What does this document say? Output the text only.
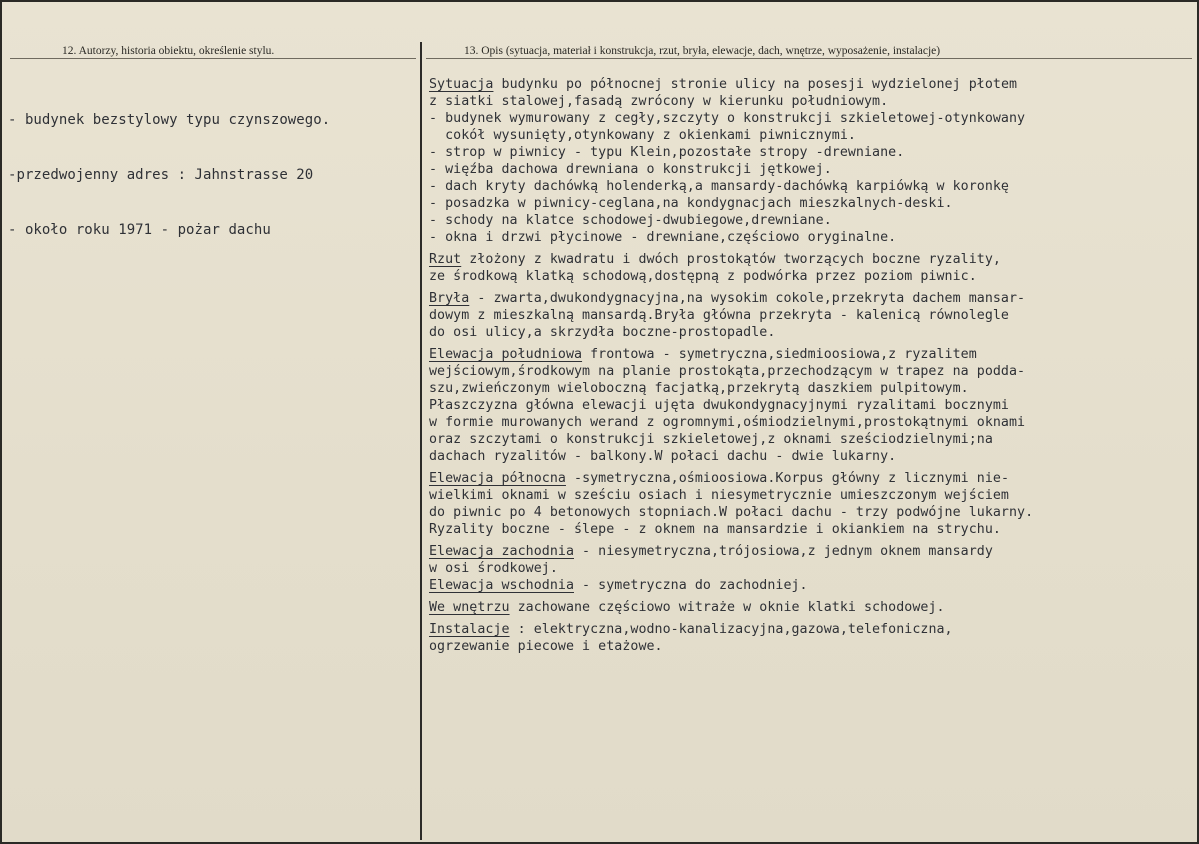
12. Autorzy, historia obiektu, określenie stylu.	13. Opis (sytuacja, materiał i konstrukcja, rzut, bryła, elewacje, dach, wnętrze, wyposażenie, instalacje)

- budynek bezstylowy typu czynszowego.

-przedwojenny adres : Jahnstrasse 20

- około roku 1971 - pożar dachu

Sytuacja budynku po północnej stronie ulicy na posesji wydzielonej płotem
z siatki stalowej,fasadą zwrócony w kierunku południowym.
- budynek wymurowany z cegły,szczyty o konstrukcji szkieletowej-otynkowany
cokół wysunięty,otynkowany z okienkami piwnicznymi.
- strop w piwnicy - typu Klein,pozostałe stropy -drewniane.
- więźba dachowa drewniana o konstrukcji jętkowej.
- dach kryty dachówką holenderką,a mansardy-dachówką karpiówką w koronkę
- posadzka w piwnicy-ceglana,na kondygnacjach mieszkalnych-deski.
- schody na klatce schodowej-dwubiegowe,drewniane.
- okna i drzwi płycinowe - drewniane,częściowo oryginalne.
Rzut złożony z kwadratu i dwóch prostokątów tworzących boczne ryzality,
ze środkową klatką schodową,dostępną z podwórka przez poziom piwnic.
Bryła - zwarta,dwukondygnacyjna,na wysokim cokole,przekryta dachem mansar-
dowym z mieszkalną mansardą.Bryła główna przekryta - kalenicą równolegle
do osi ulicy,a skrzydła boczne-prostopadle.
Elewacja południowa frontowa - symetryczna,siedmioosiowa,z ryzalitem
wejściowym,środkowym na planie prostokąta,przechodzącym w trapez na podda-
szu,zwieńczonym wieloboczną facjatką,przekrytą daszkiem pulpitowym.
Płaszczyzna główna elewacji ujęta dwukondygnacyjnymi ryzalitami bocznymi
w formie murowanych werand z ogromnymi,ośmiodzielnymi,prostokątnymi oknami
oraz szczytami o konstrukcji szkieletowej,z oknami sześciodzielnymi;na
dachach ryzalitów - balkony.W połaci dachu - dwie lukarny.
Elewacja północna -symetryczna,ośmioosiowa.Korpus główny z licznymi nie-
wielkimi oknami w sześciu osiach i niesymetrycznie umieszczonym wejściem
do piwnic po 4 betonowych stopniach.W połaci dachu - trzy podwójne lukarny.
Ryzality boczne - ślepe - z oknem na mansardzie i okiankiem na strychu.
Elewacja zachodnia - niesymetryczna,trójosiowa,z jednym oknem mansardy
w osi środkowej.
Elewacja wschodnia - symetryczna do zachodniej.
We wnętrzu zachowane częściowo witraże w oknie klatki schodowej.
Instalacje : elektryczna,wodno-kanalizacyjna,gazowa,telefoniczna,
ogrzewanie piecowe i etażowe.
